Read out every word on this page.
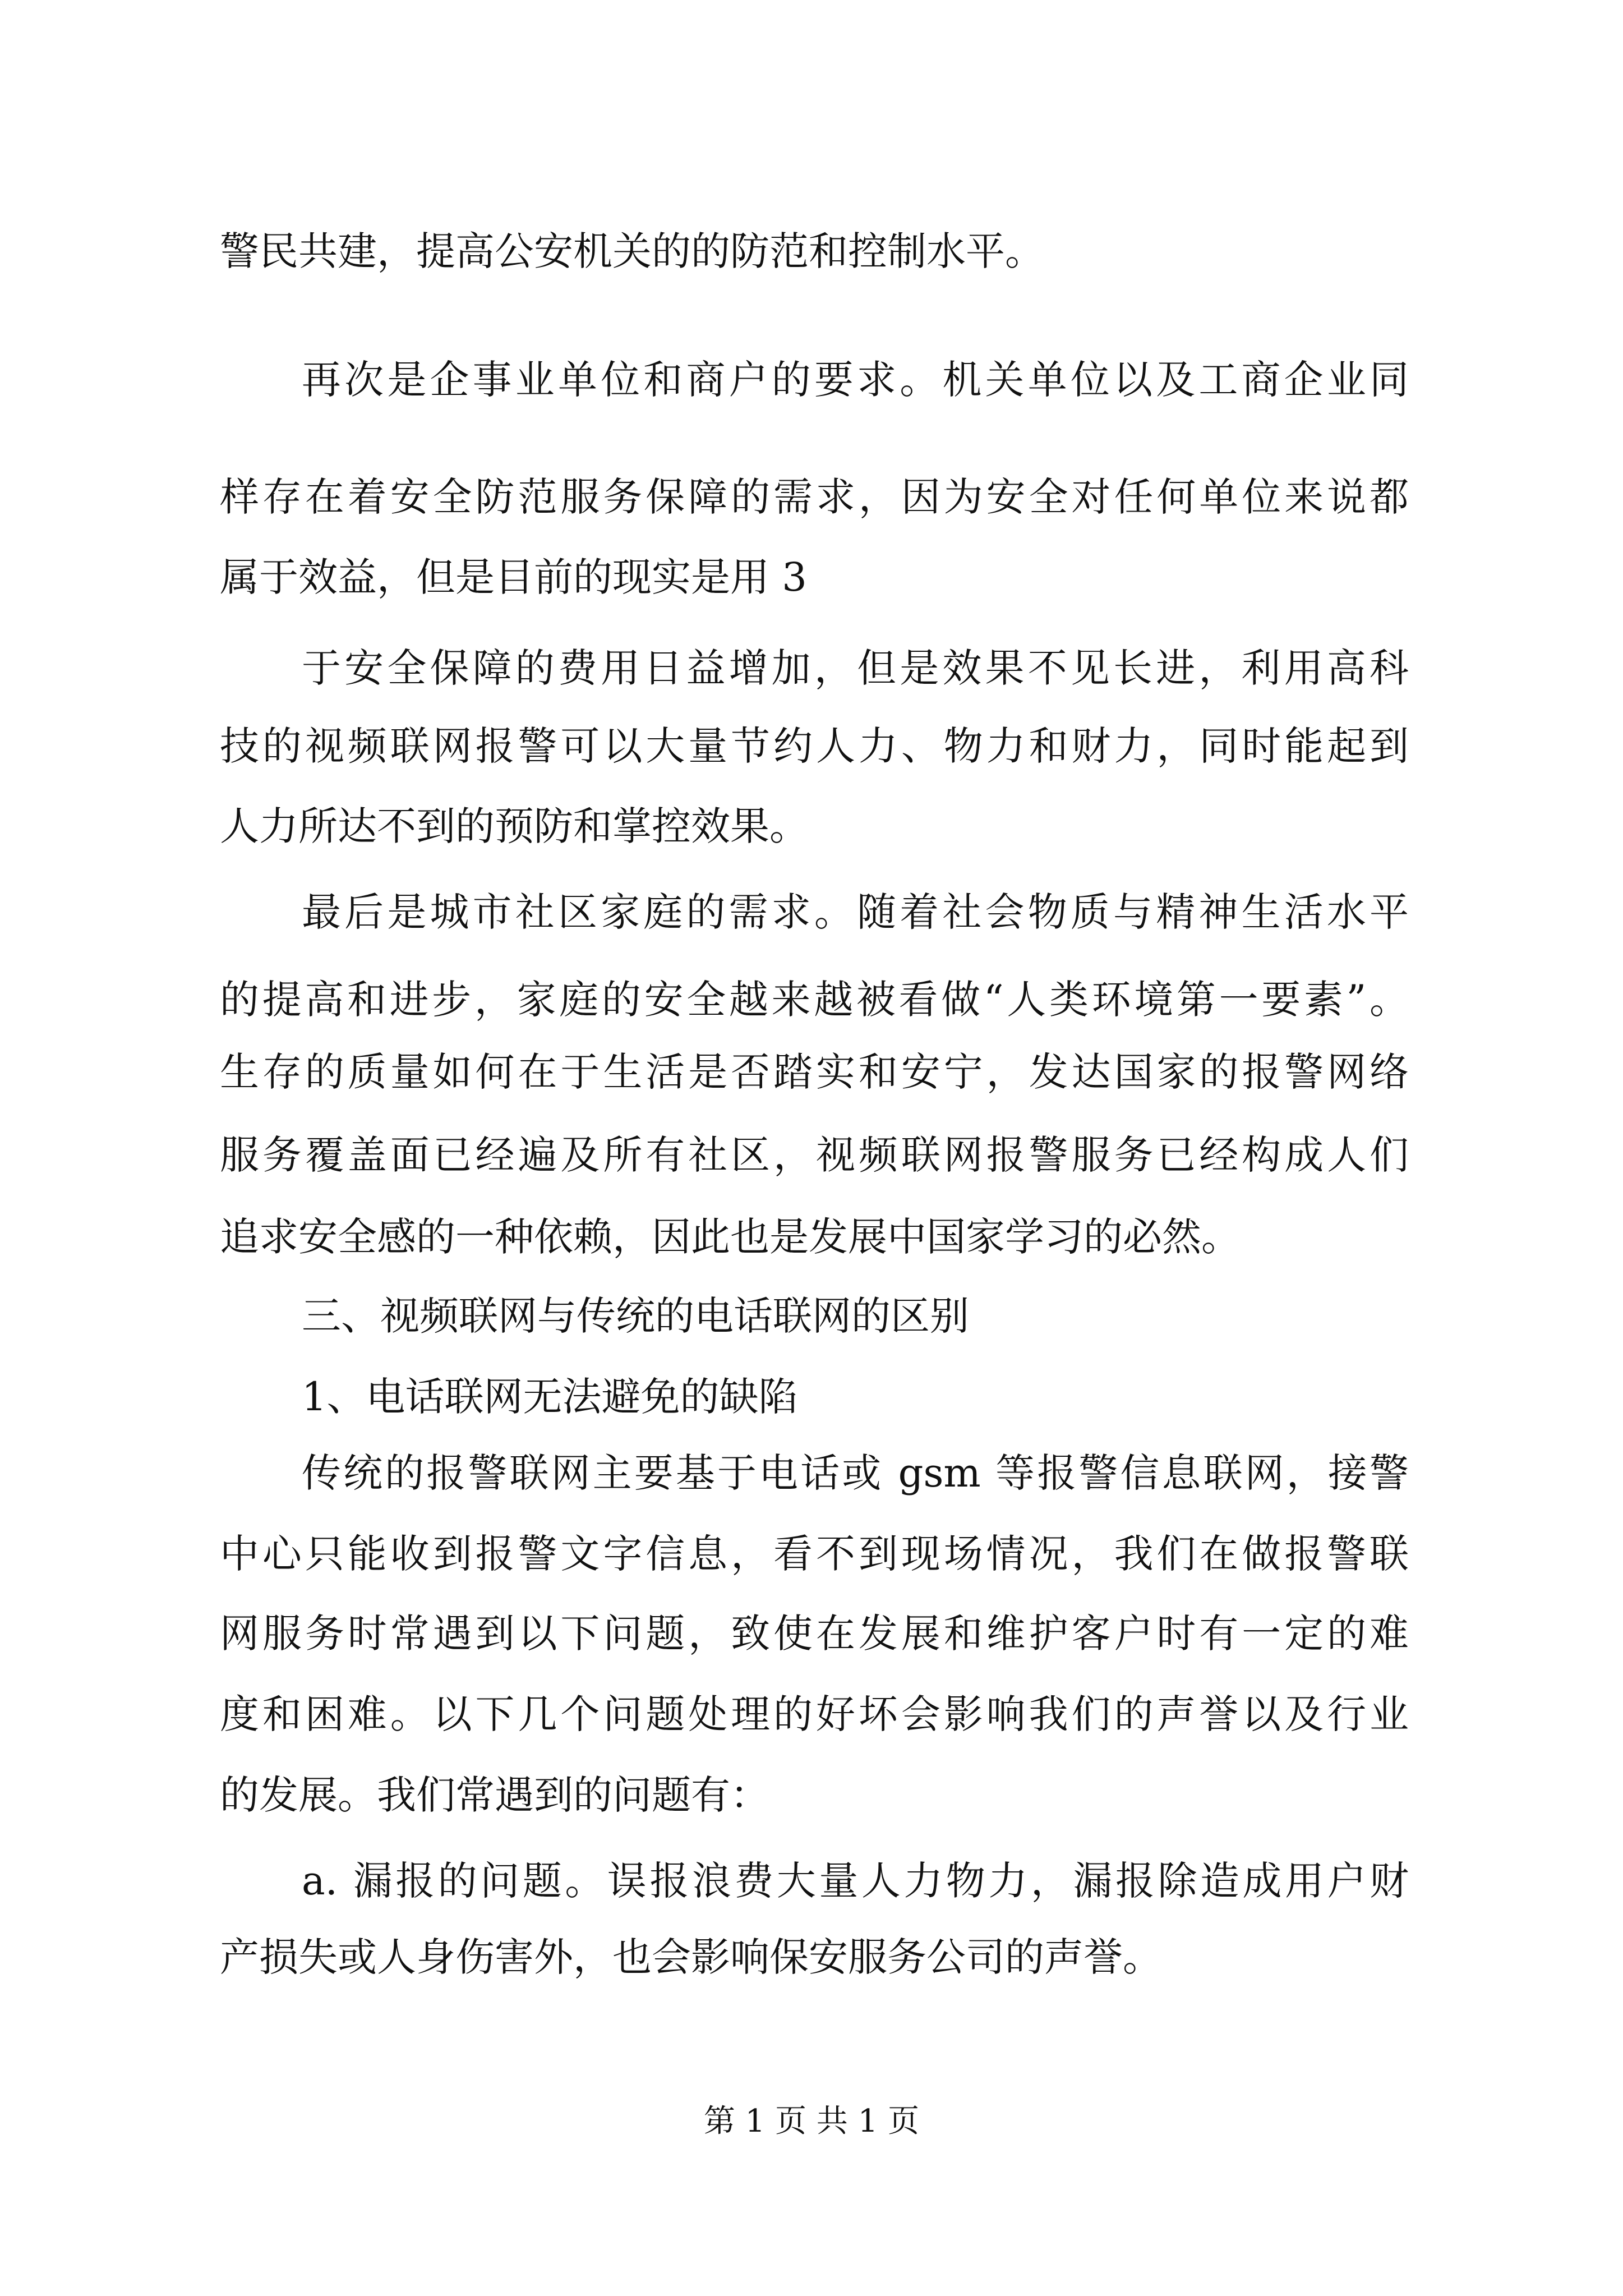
警民共建，提高公安机关的的防范和控制水平。
再次是企事业单位和商户的要求。机关单位以及工商企业同
样存在着安全防范服务保障的需求，因为安全对任何单位来说都
属于效益，但是目前的现实是用 3
于安全保障的费用日益增加，但是效果不见长进，利用高科
技的视频联网报警可以大量节约人力、物力和财力，同时能起到
人力所达不到的预防和掌控效果。
最后是城市社区家庭的需求。随着社会物质与精神生活水平
的提高和进步，家庭的安全越来越被看做“人类环境第一要素”。
生存的质量如何在于生活是否踏实和安宁，发达国家的报警网络
服务覆盖面已经遍及所有社区，视频联网报警服务已经构成人们
追求安全感的一种依赖，因此也是发展中国家学习的必然。
三、视频联网与传统的电话联网的区别
1、电话联网无法避免的缺陷
传统的报警联网主要基于电话或 gsm 等报警信息联网，接警
中心只能收到报警文字信息，看不到现场情况，我们在做报警联
网服务时常遇到以下问题，致使在发展和维护客户时有一定的难
度和困难。以下几个问题处理的好坏会影响我们的声誉以及行业
的发展。我们常遇到的问题有：
a. 漏报的问题。误报浪费大量人力物力，漏报除造成用户财
产损失或人身伤害外，也会影响保安服务公司的声誉。
第 1 页 共 1 页
